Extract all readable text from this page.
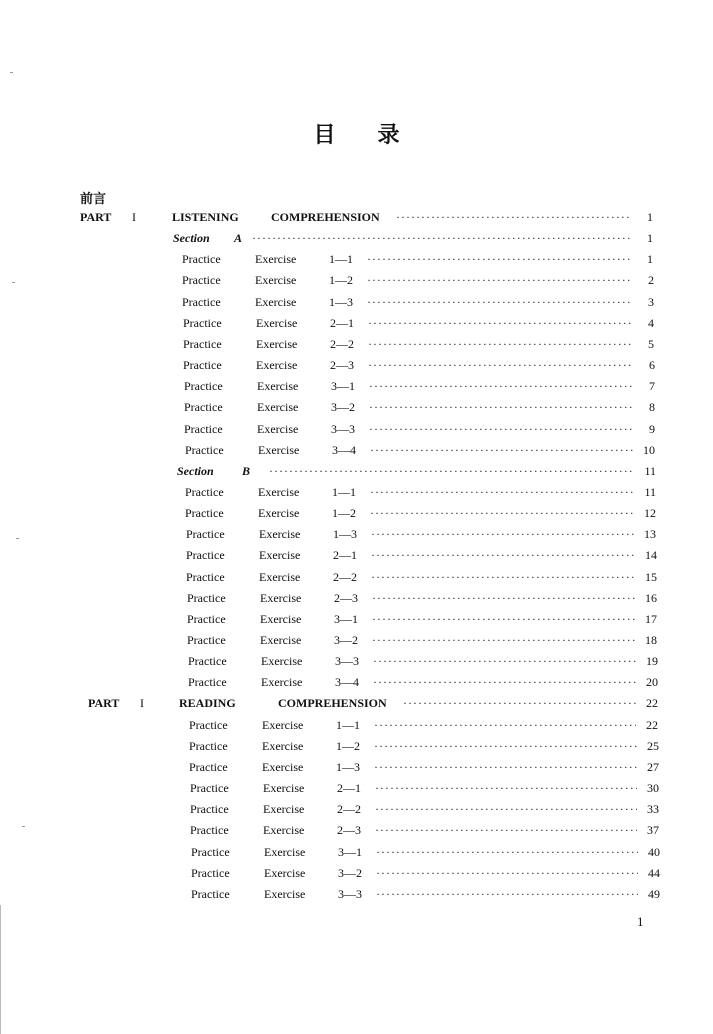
目 录
前言
PART I	LISTENING	COMPREHENSION ·····	1
Section A ·····	1
Practice	Exercise	1—1 ·····	1
Practice	Exercise	1—2 ·····	2
Practice	Exercise	1—3 ·····	3
Practice	Exercise	2—1 ·····	4
Practice	Exercise	2—2 ·····	5
Practice	Exercise	2—3 ·····	6
Practice	Exercise	3—1 ·····	7
Practice	Exercise	3—2 ·····	8
Practice	Exercise	3—3 ·····	9
Practice	Exercise	3—4 ·····	10
Section B ·····	11
Practice	Exercise	1—1 ·····	11
Practice	Exercise	1—2 ·····	12
Practice	Exercise	1—3 ·····	13
Practice	Exercise	2—1 ·····	14
Practice	Exercise	2—2 ·····	15
Practice	Exercise	2—3 ·····	16
Practice	Exercise	3—1 ·····	17
Practice	Exercise	3—2 ·····	18
Practice	Exercise	3—3 ·····	19
Practice	Exercise	3—4 ·····	20
PART I	READING	COMPREHENSION ·····	22
Practice	Exercise	1—1 ·····	22
Practice	Exercise	1—2 ·····	25
Practice	Exercise	1—3 ·····	27
Practice	Exercise	2—1 ·····	30
Practice	Exercise	2—2 ·····	33
Practice	Exercise	2—3 ·····	37
Practice	Exercise	3—1 ·····	40
Practice	Exercise	3—2 ·····	44
Practice	Exercise	3—3 ·····	49
1
